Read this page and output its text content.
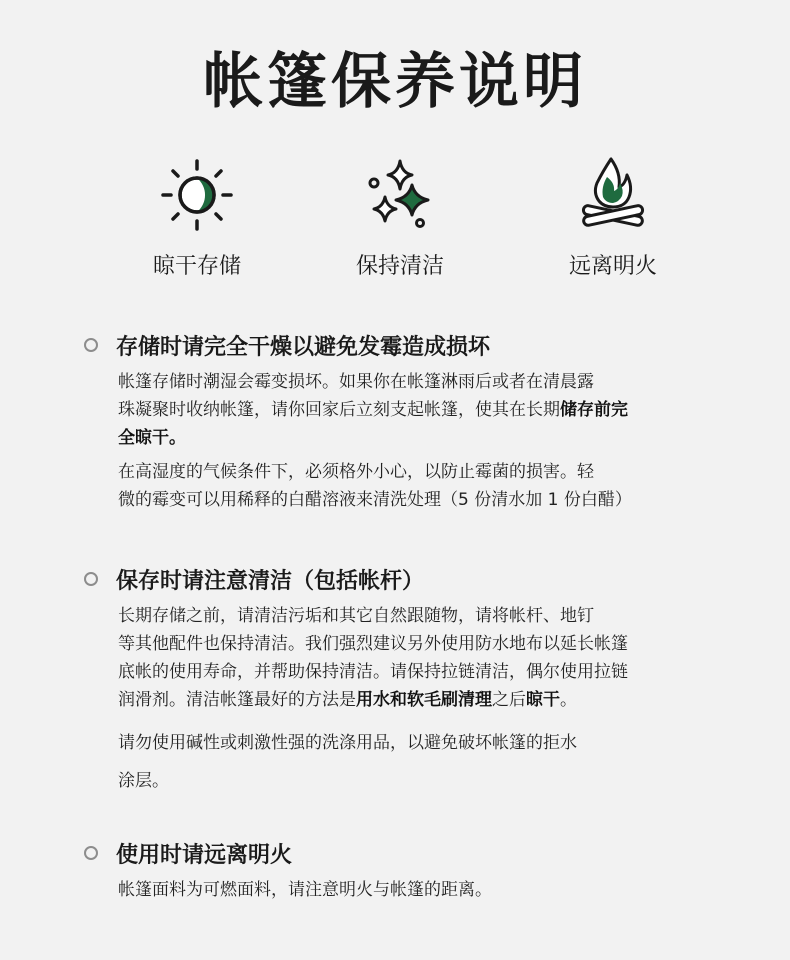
帐篷保养说明
晾干存储	保持清洁	远离明火
存储时请完全干燥以避免发霉造成损坏
帐篷存储时潮湿会霉变损坏。如果你在帐篷淋雨后或者在清晨露
珠凝聚时收纳帐篷，请你回家后立刻支起帐篷，使其在长期储存前完
全晾干。
在高湿度的气候条件下，必须格外小心，以防止霉菌的损害。轻
微的霉变可以用稀释的白醋溶液来清洗处理（5 份清水加 1 份白醋）
保存时请注意清洁（包括帐杆）
长期存储之前，请清洁污垢和其它自然跟随物，请将帐杆、地钉
等其他配件也保持清洁。我们强烈建议另外使用防水地布以延长帐篷
底帐的使用寿命，并帮助保持清洁。请保持拉链清洁，偶尔使用拉链
润滑剂。清洁帐篷最好的方法是用水和软毛刷清理之后晾干。
请勿使用碱性或刺激性强的洗涤用品，以避免破坏帐篷的拒水
涂层。
使用时请远离明火
帐篷面料为可燃面料，请注意明火与帐篷的距离。
